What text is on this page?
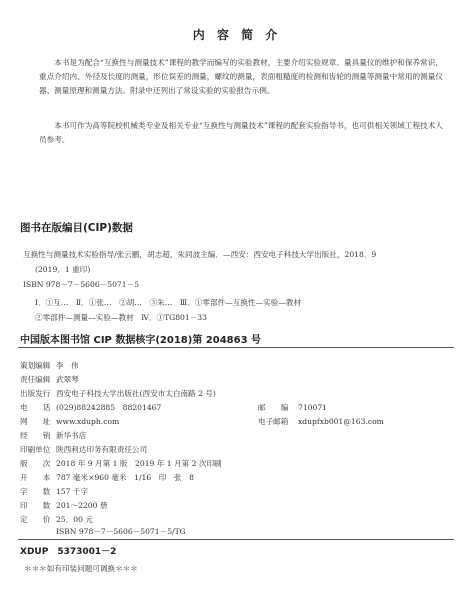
内 容 简 介
  本书是为配合“互换性与测量技术”课程的教学而编写的实验教材，主要介绍实验规章、量具量仪的维护和保养常识，重点介绍内、外径及长度的测量，形位误差的测量，螺纹的测量，表面粗糙度的检测和齿轮的测量等测量中常用的测量仪器、测量原理和测量方法。附录中还列出了常设实验的实验报告示例。
  本书可作为高等院校机械类专业及相关专业“互换性与测量技术”课程的配套实验指导书，也可供相关领域工程技术人员参考。
图书在版编目(CIP)数据
互换性与测量技术实验指导/张云鹏，胡志超，朱同波主编．—西安：西安电子科技大学出版社，2018．9
(2019．1 重印)
ISBN 978－7－5606－5071－5
Ⅰ．①互…　Ⅱ．①张…　②胡…　③朱…　Ⅲ．①零部件—互换性—实验—教材
②零部件—测量—实验—教材　Ⅳ．①TG801－33
中国版本图书馆 CIP 数据核字(2018)第 204863 号
策划编辑 李　伟
责任编辑 武翠琴
出版发行 西安电子科技大学出版社(西安市太白南路 2 号)
电　　话 (029)88242885　88201467	邮　　编 710071
网　　址 www.xduph.com	电子邮箱 xdupfxb001@163.com
经　　销 新华书店
印刷单位 陕西利达印务有限责任公司
版　　次 2018 年 9 月第 1 版　2019 年 1 月第 2 次印刷
开　　本 787 毫米×960 毫米　1/16　印　张　8
字　　数 157 千字
印　　数 201～2200 册
定　　价 25．00 元
ISBN 978－7－5606－5071－5/TG
XDUP　5373001－2
＊＊＊如有印装问题可调换＊＊＊
